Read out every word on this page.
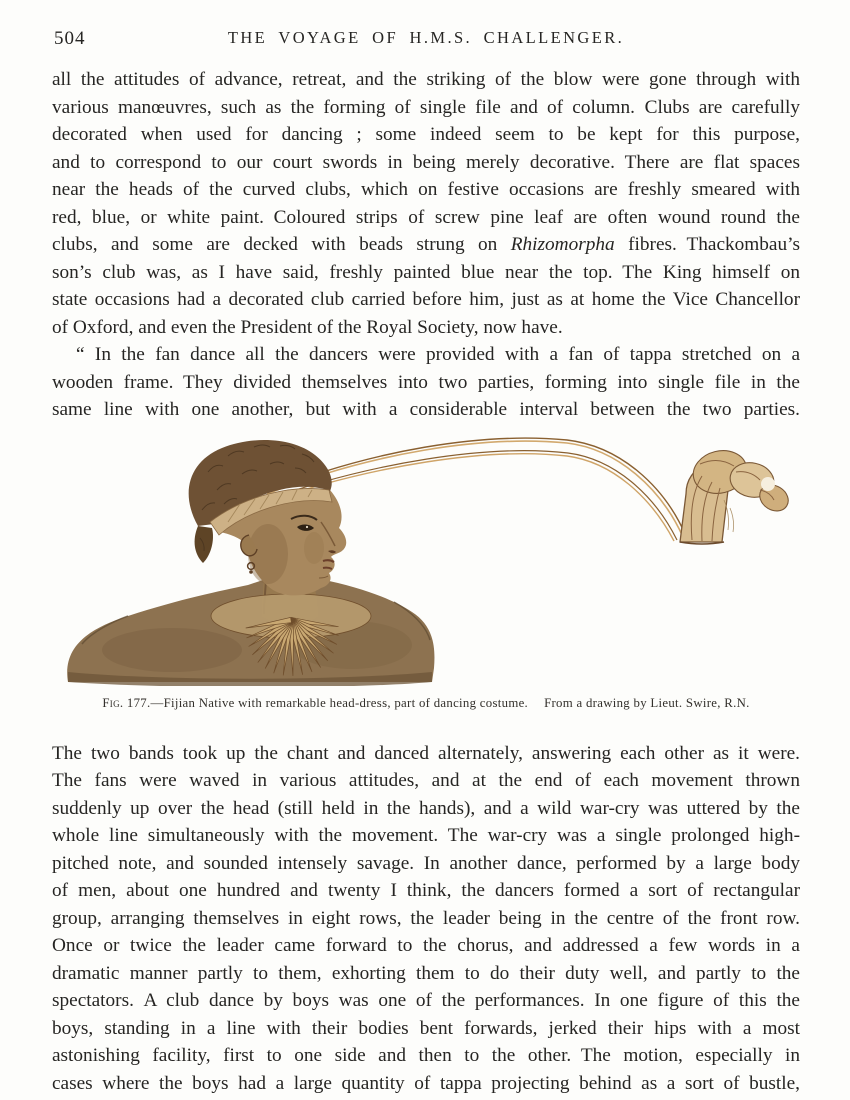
504	THE VOYAGE OF H.M.S. CHALLENGER.
all the attitudes of advance, retreat, and the striking of the blow were gone through with
various manœuvres, such as the forming of single file and of column. Clubs are carefully
decorated when used for dancing ; some indeed seem to be kept for this purpose,
and to correspond to our court swords in being merely decorative. There are flat spaces
near the heads of the curved clubs, which on festive occasions are freshly smeared with
red, blue, or white paint. Coloured strips of screw pine leaf are often wound round the
clubs, and some are decked with beads strung on Rhizomorpha fibres. Thackombau’s
son’s club was, as I have said, freshly painted blue near the top. The King himself on
state occasions had a decorated club carried before him, just as at home the Vice Chancellor
of Oxford, and even the President of the Royal Society, now have.
“ In the fan dance all the dancers were provided with a fan of tappa stretched on a
wooden frame. They divided themselves into two parties, forming into single file in the
same line with one another, but with a considerable interval between the two parties.
Fig. 177.—Fijian Native with remarkable head-dress, part of dancing costume. From a drawing by Lieut. Swire, R.N.
The two bands took up the chant and danced alternately, answering each other as it were.
The fans were waved in various attitudes, and at the end of each movement thrown
suddenly up over the head (still held in the hands), and a wild war-cry was uttered by the
whole line simultaneously with the movement. The war-cry was a single prolonged high-
pitched note, and sounded intensely savage. In another dance, performed by a large body
of men, about one hundred and twenty I think, the dancers formed a sort of rectangular
group, arranging themselves in eight rows, the leader being in the centre of the front row.
Once or twice the leader came forward to the chorus, and addressed a few words in a
dramatic manner partly to them, exhorting them to do their duty well, and partly to the
spectators. A club dance by boys was one of the performances. In one figure of this the
boys, standing in a line with their bodies bent forwards, jerked their hips with a most
astonishing facility, first to one side and then to the other. The motion, especially in
cases where the boys had a large quantity of tappa projecting behind as a sort of bustle,
